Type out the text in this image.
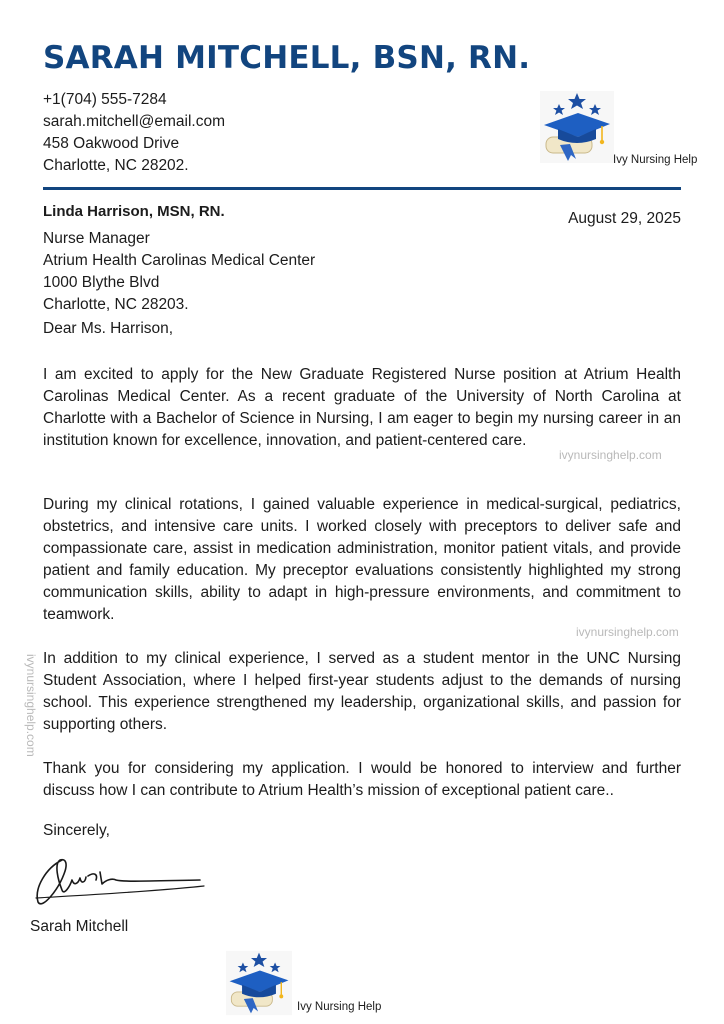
SARAH MITCHELL, BSN, RN.
+1(704) 555-7284
sarah.mitchell@email.com
458 Oakwood Drive
Charlotte, NC 28202.	Ivy Nursing Help
Linda Harrison, MSN, RN.	August 29, 2025
Nurse Manager
Atrium Health Carolinas Medical Center
1000 Blythe Blvd
Charlotte, NC 28203.
Dear Ms. Harrison,

I am excited to apply for the New Graduate Registered Nurse position at Atrium Health Carolinas Medical Center. As a recent graduate of the University of North Carolina at Charlotte with a Bachelor of Science in Nursing, I am eager to begin my nursing career in an institution known for excellence, innovation, and patient-centered care.

ivynursinghelp.com

During my clinical rotations, I gained valuable experience in medical-surgical, pediatrics, obstetrics, and intensive care units. I worked closely with preceptors to deliver safe and compassionate care, assist in medication administration, monitor patient vitals, and provide patient and family education. My preceptor evaluations consistently highlighted my strong communication skills, ability to adapt in high-pressure environments, and commitment to teamwork.

ivynursinghelp.com

In addition to my clinical experience, I served as a student mentor in the UNC Nursing Student Association, where I helped first-year students adjust to the demands of nursing school. This experience strengthened my leadership, organizational skills, and passion for supporting others.

Thank you for considering my application. I would be honored to interview and further discuss how I can contribute to Atrium Health’s mission of exceptional patient care..

ivynursinghelp.com
Sincerely,
Sarah Mitchell
Ivy Nursing Help
